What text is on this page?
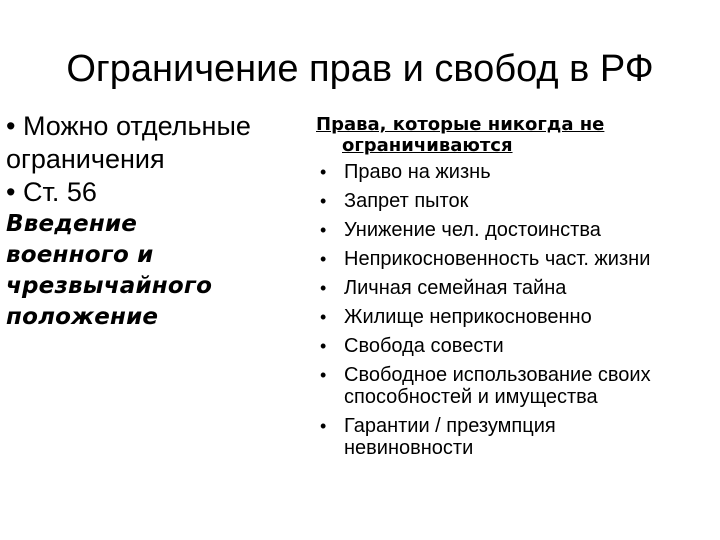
Ограничение прав и свобод в РФ
• Можно отдельные
ограничения
• Ст. 56
Введение
военного и
чрезвычайного
положение
Права, которые никогда не
ограничиваются
• Право на жизнь
• Запрет пыток
• Унижение чел. достоинства
• Неприкосновенность част. жизни
• Личная семейная тайна
• Жилище неприкосновенно
• Свобода совести
• Свободное использование своих
способностей и имущества
• Гарантии / презумпция
невиновности
